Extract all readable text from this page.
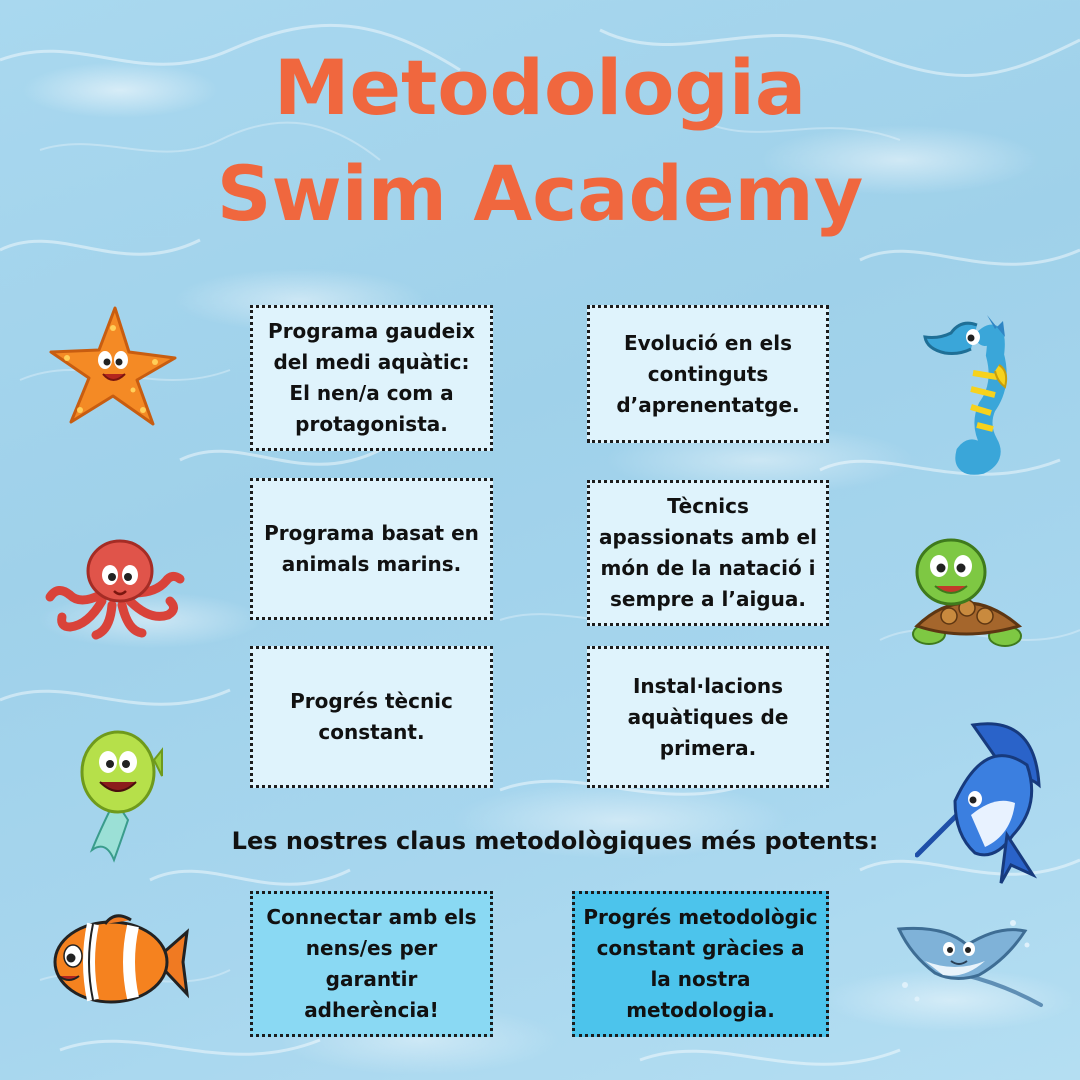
Metodologia
Swim Academy
Programa gaudeix del medi aquàtic: El nen/a com a protagonista.
Evolució en els continguts d’aprenentatge.
Programa basat en animals marins.
Tècnics apassionats amb el món de la natació i sempre a l’aigua.
Progrés tècnic constant.
Instal·lacions aquàtiques de primera.
Les nostres claus metodològiques més potents:
Connectar amb els nens/es per garantir adherència!
Progrés metodològic constant gràcies a la nostra metodologia.
